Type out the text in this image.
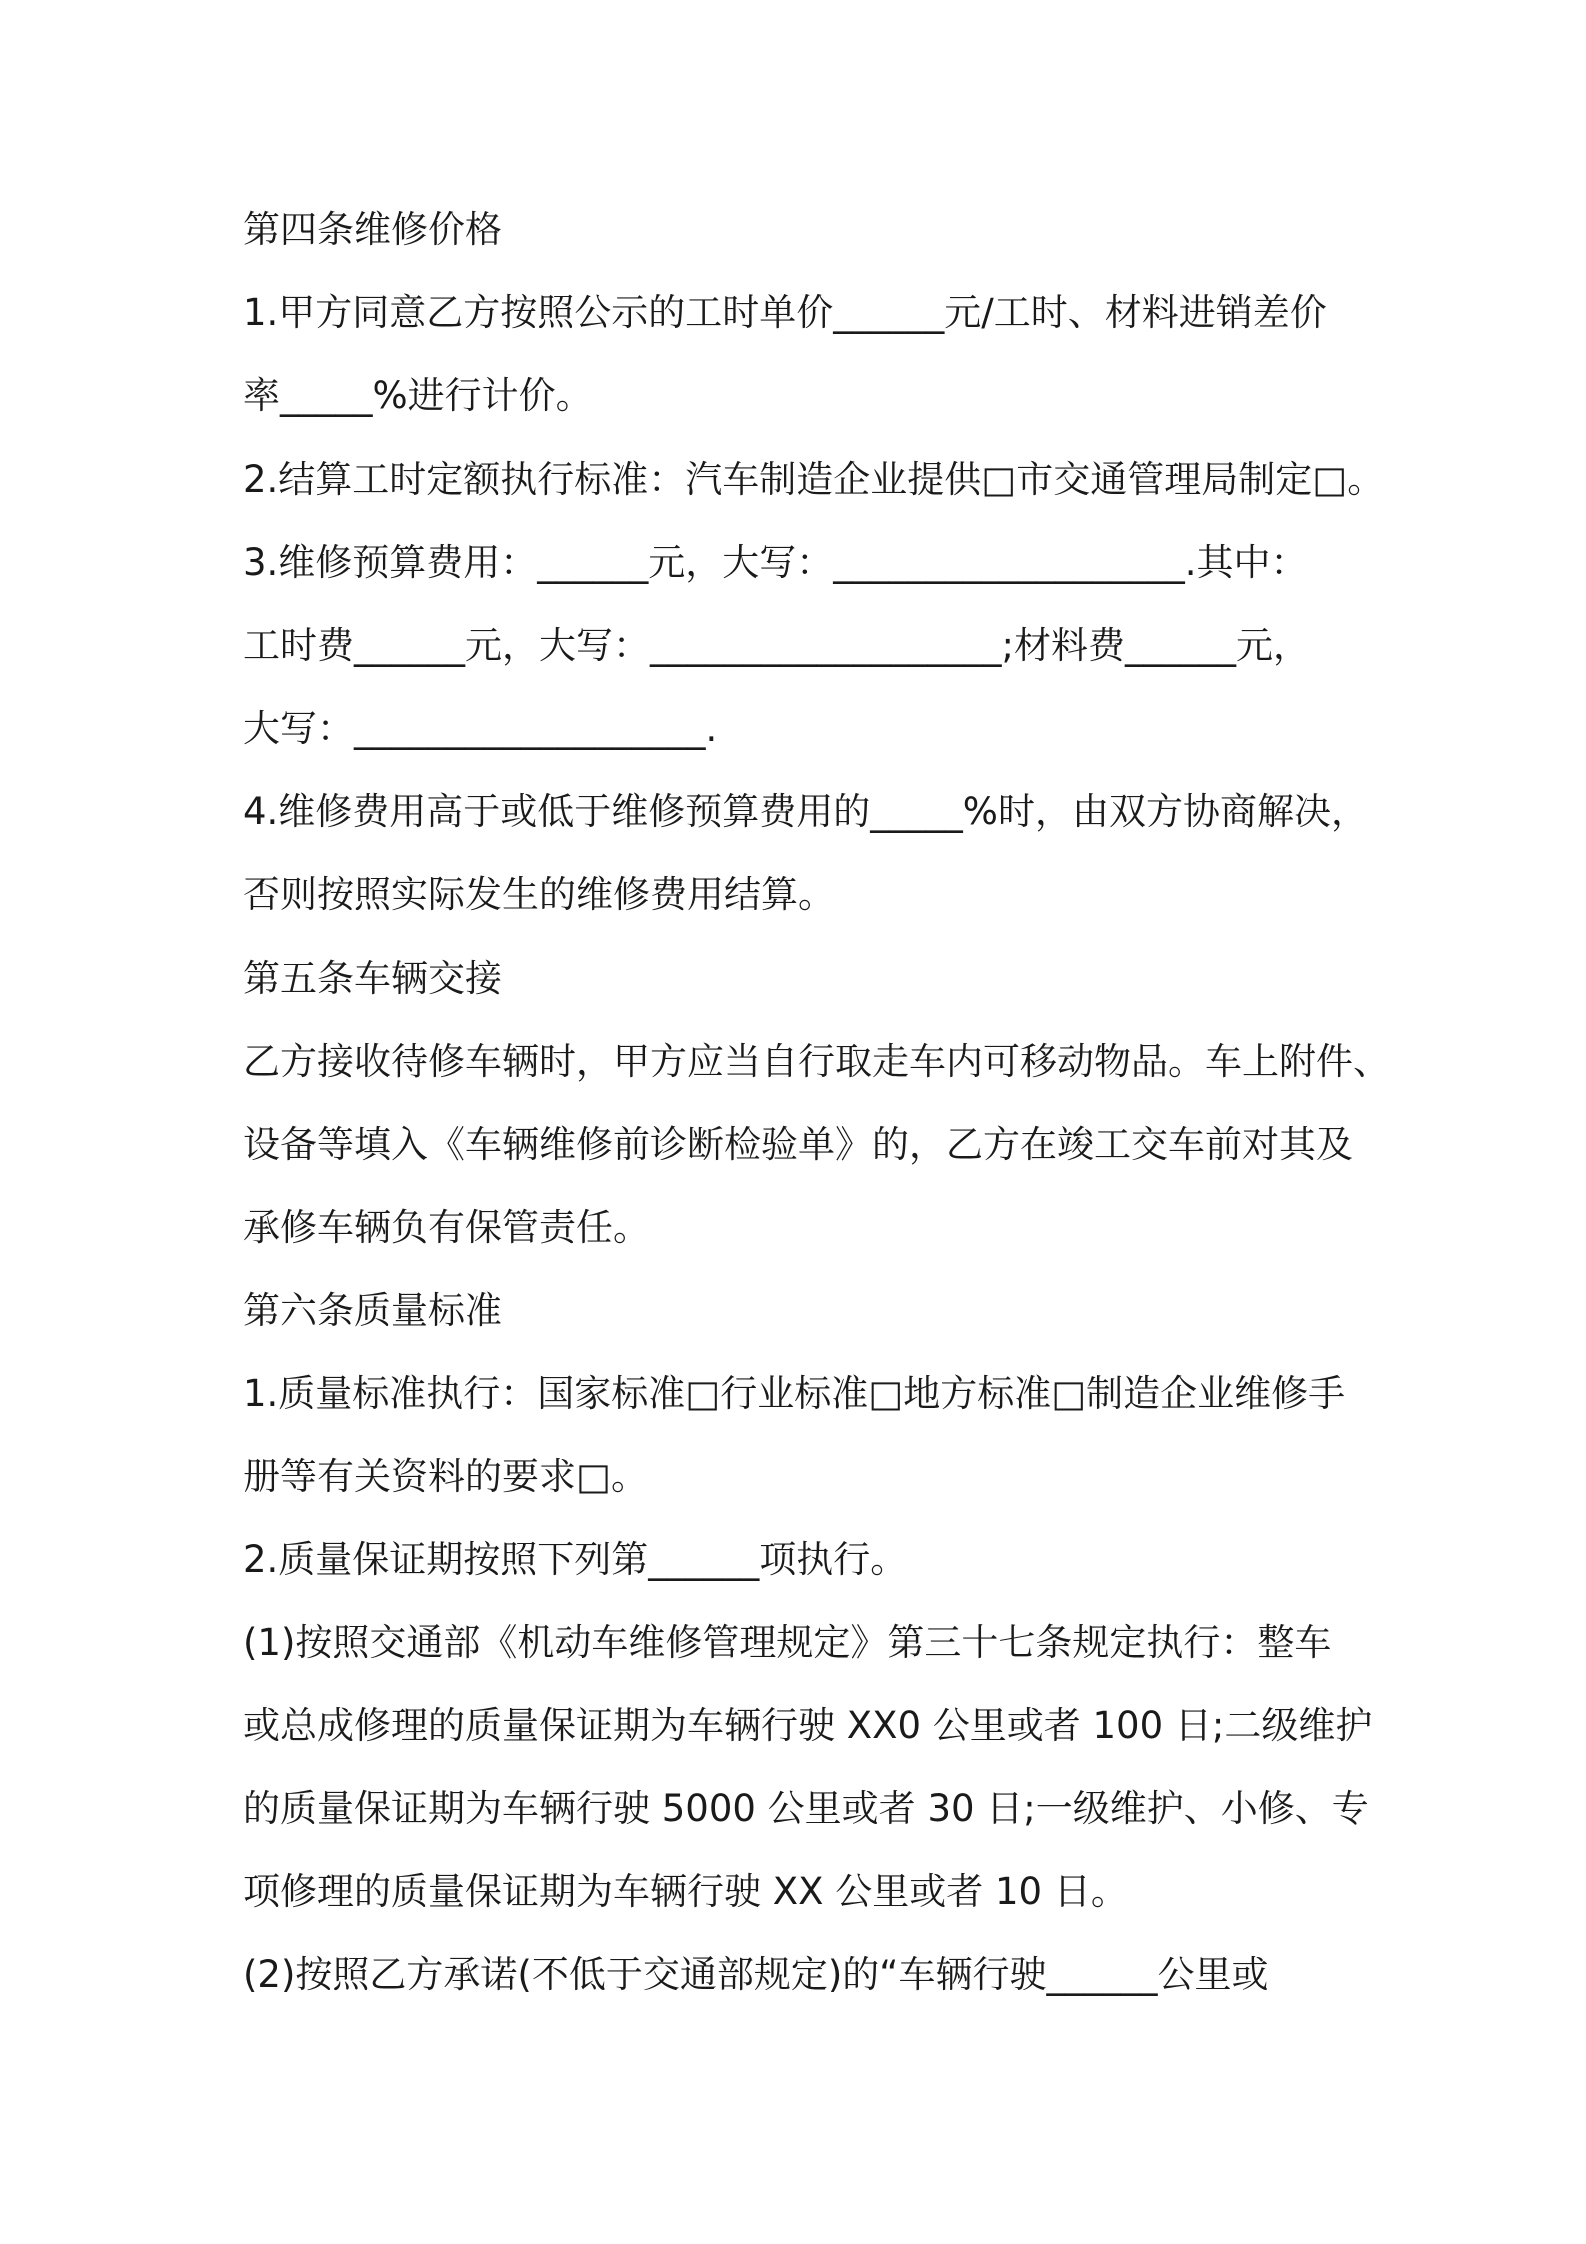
第四条维修价格
1.甲方同意乙方按照公示的工时单价______元/工时、材料进销差价
率_____%进行计价。
2.结算工时定额执行标准：汽车制造企业提供□市交通管理局制定□。
3.维修预算费用：______元，大写：___________________.其中：
工时费______元，大写：___________________;材料费______元，
大写：___________________.
4.维修费用高于或低于维修预算费用的_____%时，由双方协商解决，
否则按照实际发生的维修费用结算。
第五条车辆交接
乙方接收待修车辆时，甲方应当自行取走车内可移动物品。车上附件、
设备等填入《车辆维修前诊断检验单》的，乙方在竣工交车前对其及
承修车辆负有保管责任。
第六条质量标准
1.质量标准执行：国家标准□行业标准□地方标准□制造企业维修手
册等有关资料的要求□。
2.质量保证期按照下列第______项执行。
(1)按照交通部《机动车维修管理规定》第三十七条规定执行：整车
或总成修理的质量保证期为车辆行驶 XX0 公里或者 100 日;二级维护
的质量保证期为车辆行驶 5000 公里或者 30 日;一级维护、小修、专
项修理的质量保证期为车辆行驶 XX 公里或者 10 日。
(2)按照乙方承诺(不低于交通部规定)的“车辆行驶______公里或
